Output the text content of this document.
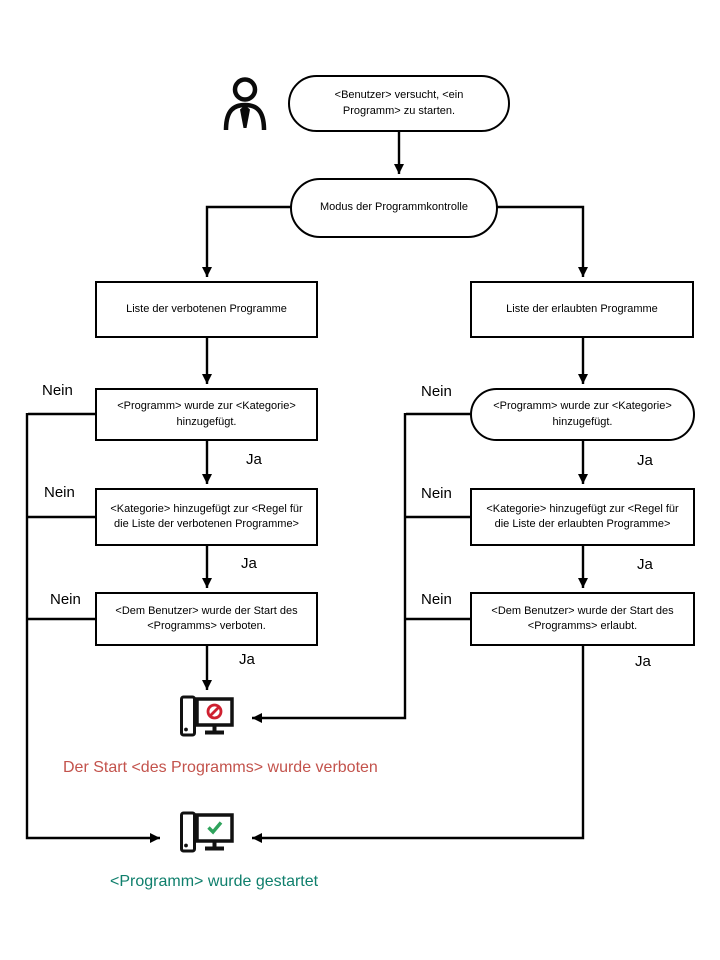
<Benutzer> versucht, <ein Programm> zu starten.
Modus der Programmkontrolle
Liste der verbotenen Programme	Liste der erlaubten Programme
<Programm> wurde zur <Kategorie> hinzugefügt.
<Programm> wurde zur <Kategorie> hinzugefügt.
<Kategorie> hinzugefügt zur <Regel für die Liste der verbotenen Programme>
<Kategorie> hinzugefügt zur <Regel für die Liste der erlaubten Programme>
<Dem Benutzer> wurde der Start des <Programms> verboten.
<Dem Benutzer> wurde der Start des <Programms> erlaubt.
Nein
Nein
Nein
Nein
Nein
Nein
Ja
Ja
Ja
Ja
Ja
Ja
Der Start <des Programms> wurde verboten
<Programm> wurde gestartet
